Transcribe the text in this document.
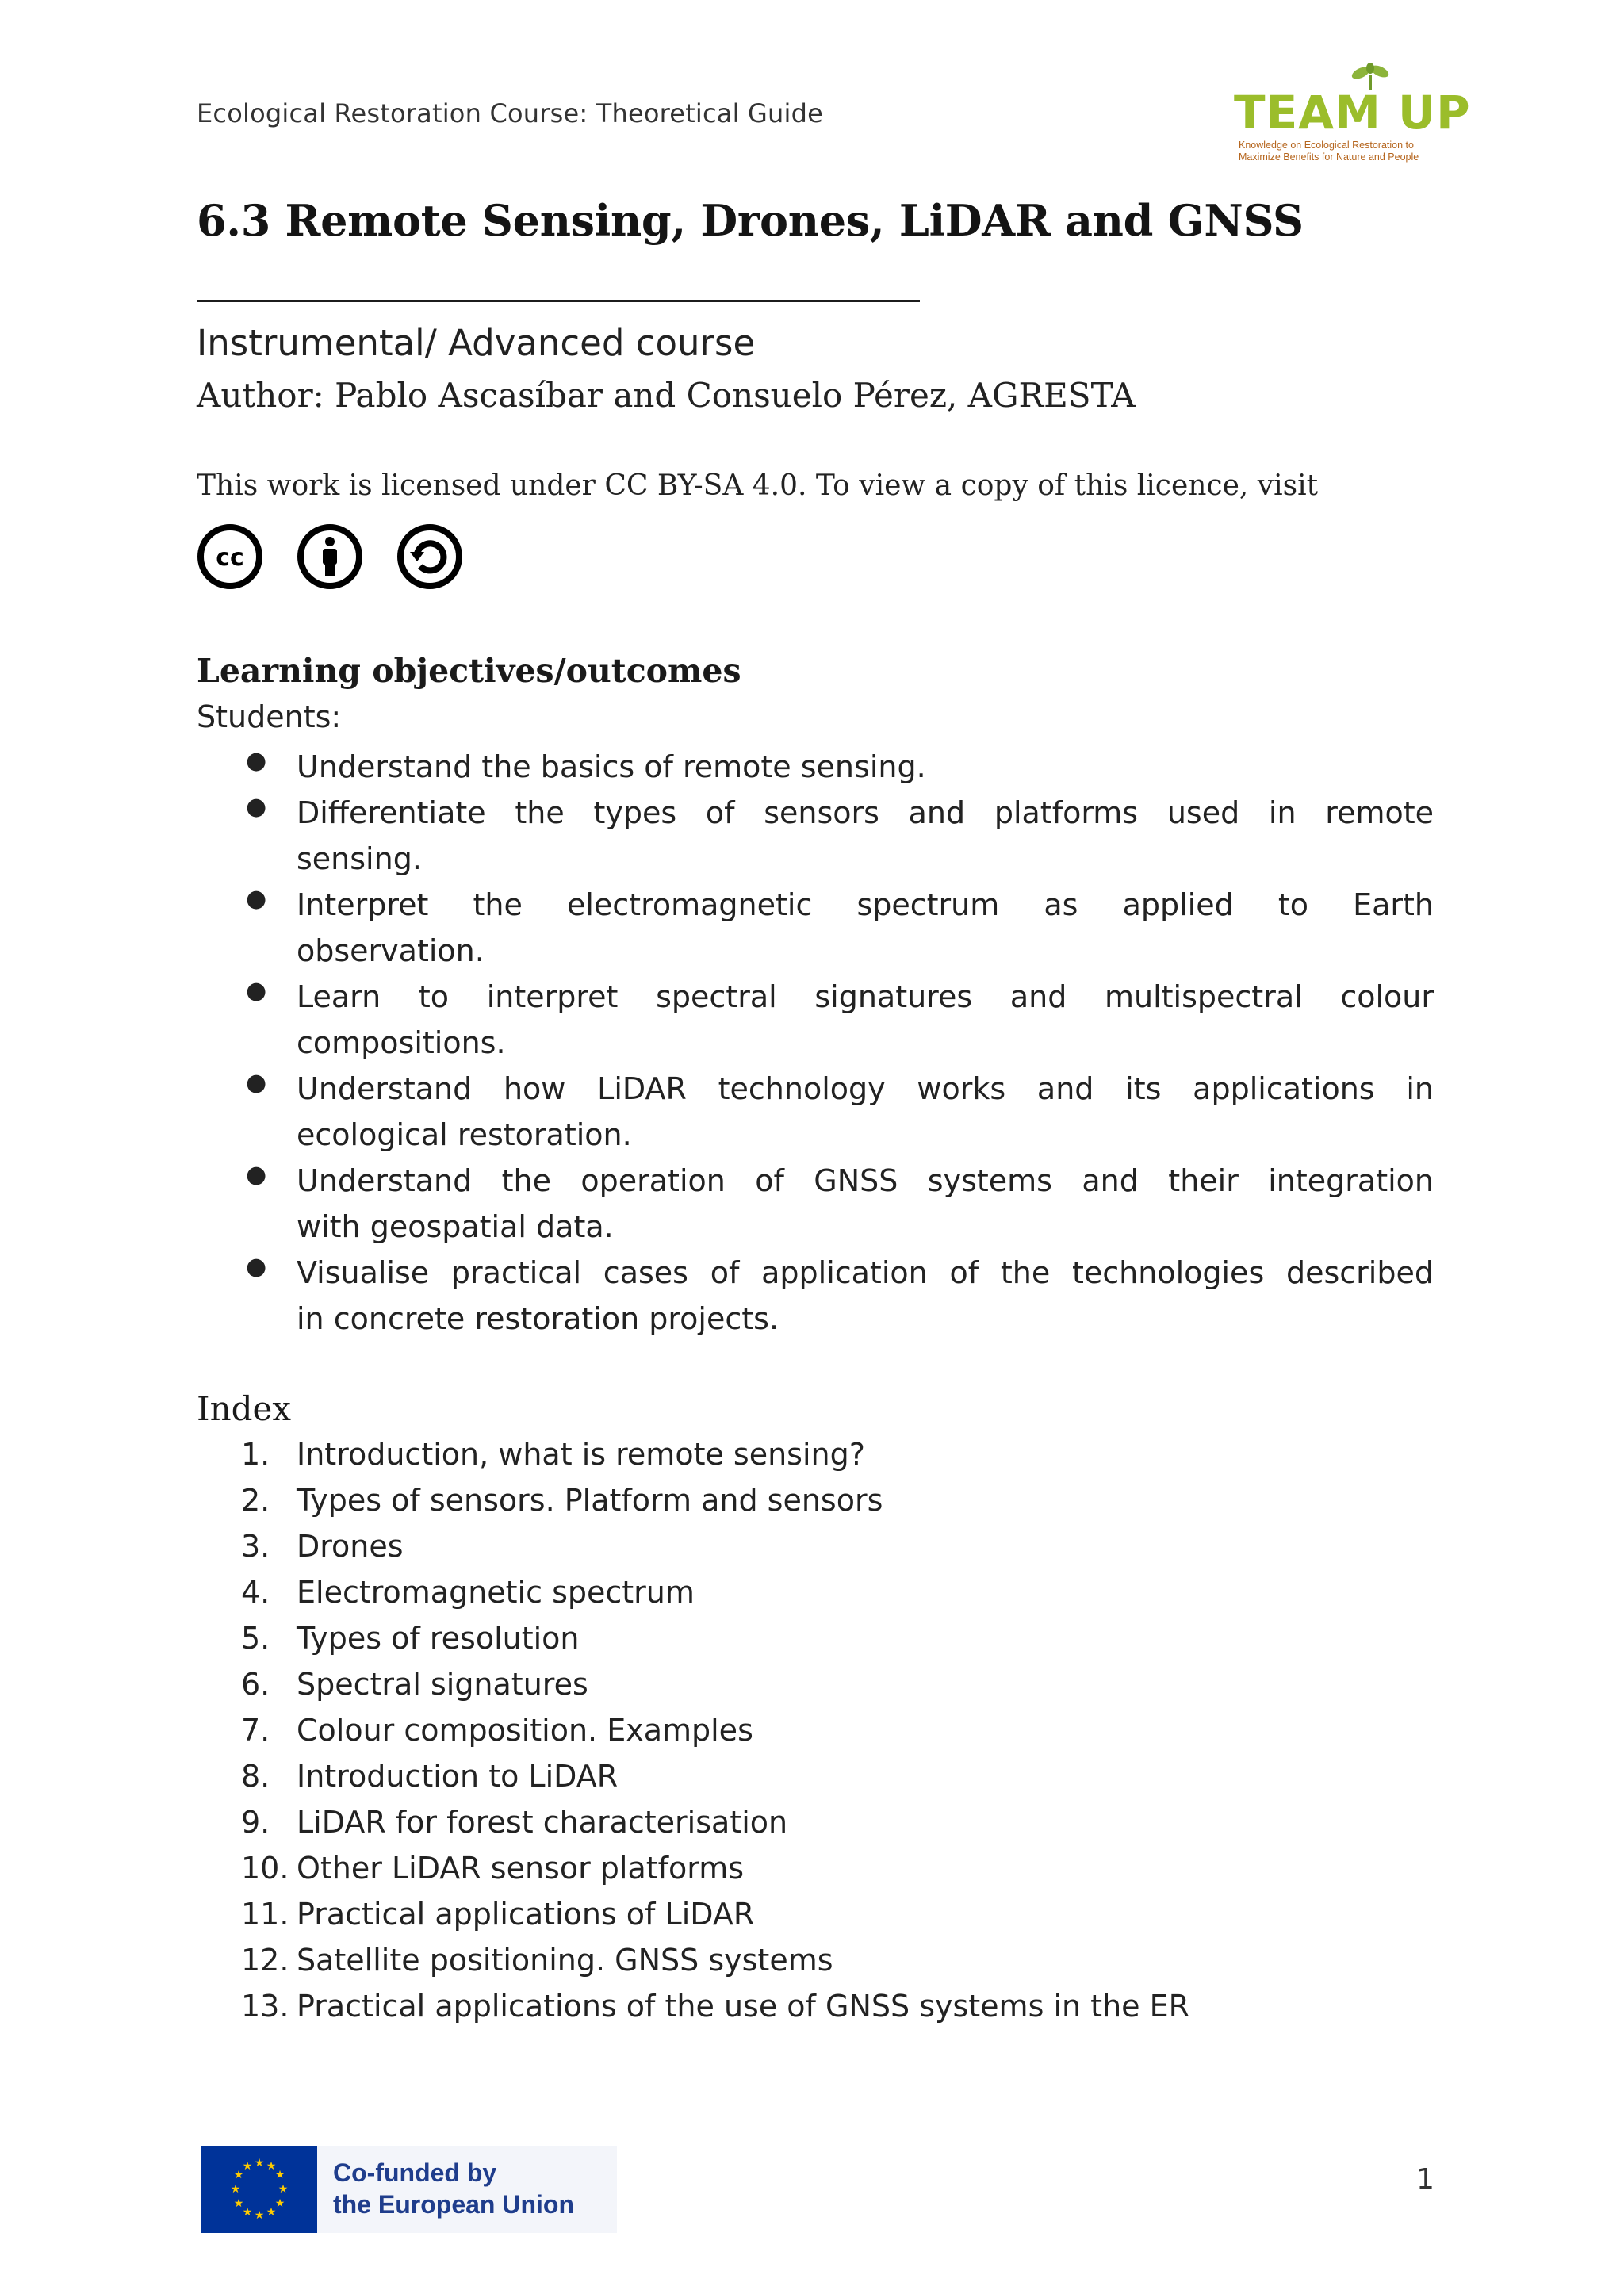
Ecological Restoration Course: Theoretical Guide	TEAM UP
Knowledge on Ecological Restoration to
Maximize Benefits for Nature and People
6.3 Remote Sensing, Drones, LiDAR and GNSS
Instrumental/ Advanced course
Author: Pablo Ascasíbar and Consuelo Pérez, AGRESTA
This work is licensed under CC BY-SA 4.0. To view a copy of this licence, visit
cc
Learning objectives/outcomes
Students:
● Understand the basics of remote sensing.
● Differentiate the types of sensors and platforms used in remote
sensing.
● Interpret the electromagnetic spectrum as applied to Earth
observation.
● Learn to interpret spectral signatures and multispectral colour
compositions.
● Understand how LiDAR technology works and its applications in
ecological restoration.
● Understand the operation of GNSS systems and their integration
with geospatial data.
● Visualise practical cases of application of the technologies described
in concrete restoration projects.
Index
1. Introduction, what is remote sensing?
2. Types of sensors. Platform and sensors
3. Drones
4. Electromagnetic spectrum
5. Types of resolution
6. Spectral signatures
7. Colour composition. Examples
8. Introduction to LiDAR
9. LiDAR for forest characterisation
10. Other LiDAR sensor platforms
11. Practical applications of LiDAR
12. Satellite positioning. GNSS systems
13. Practical applications of the use of GNSS systems in the ER
★ ★
★
★
★
★
★
★
★
★
★
★	Co-funded by
the European Union
1
